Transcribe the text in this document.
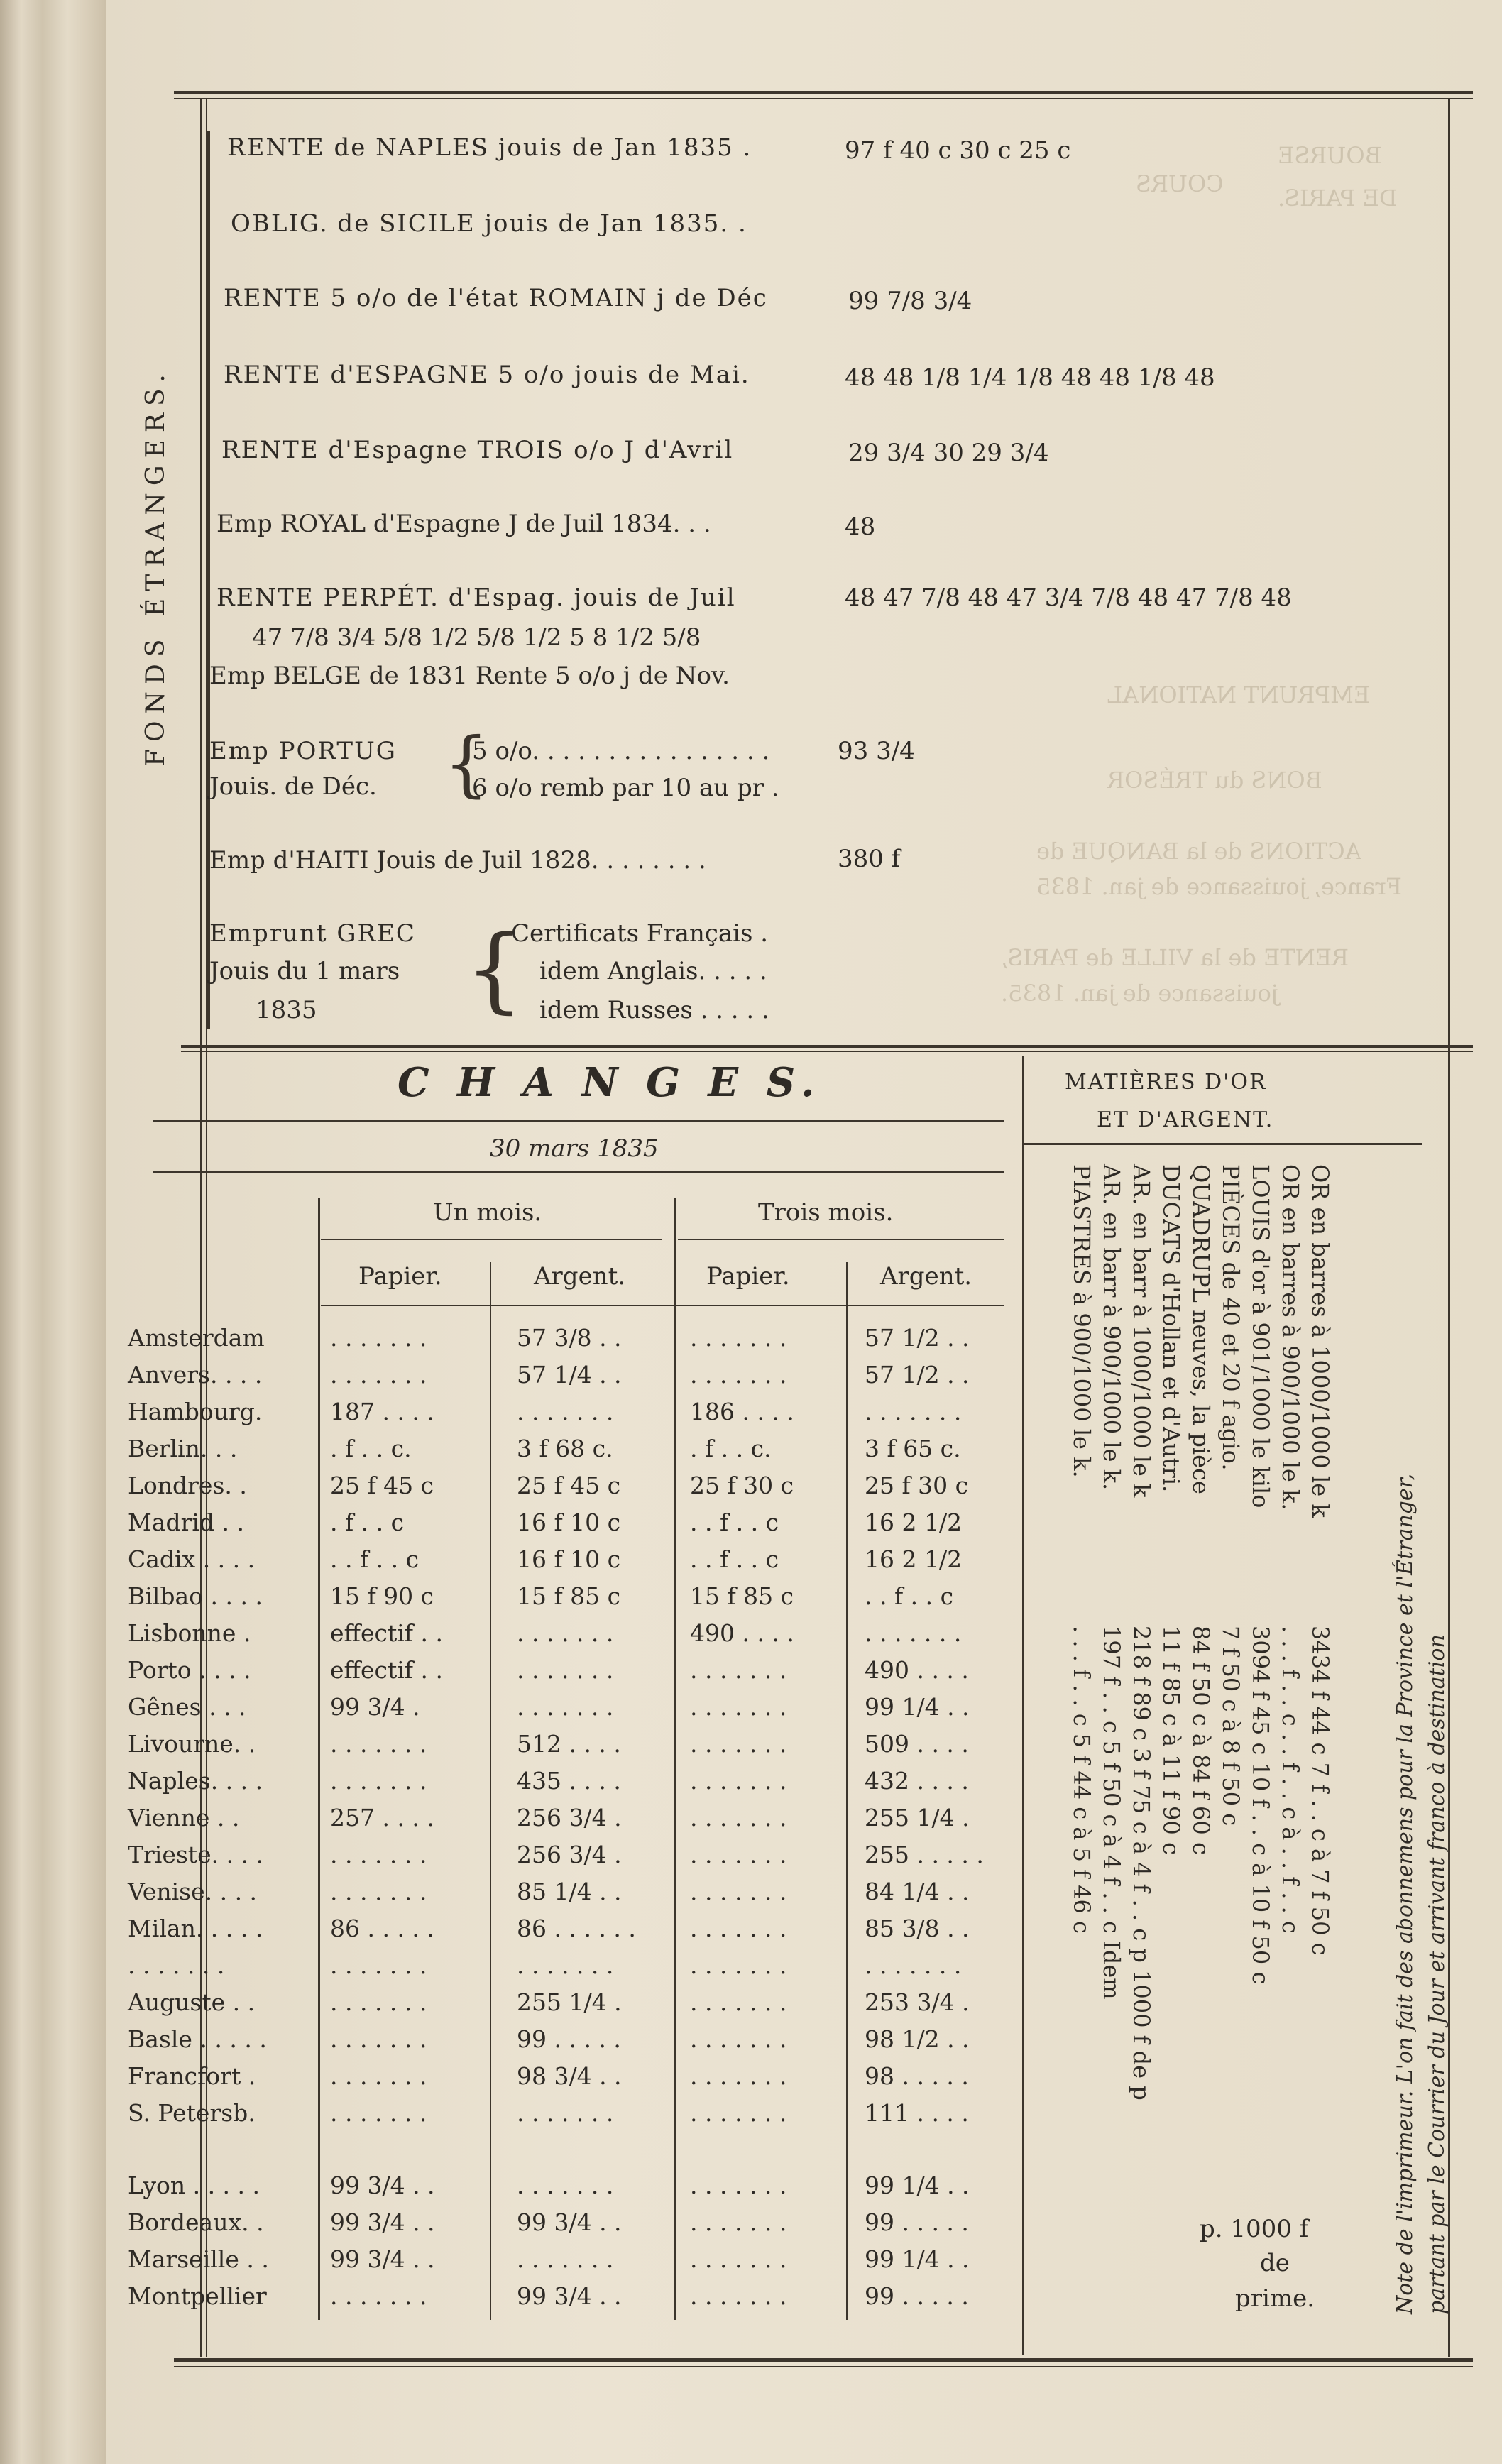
BOURSE
COURS
DE PARIS.
EMPRUNT NATIONAL
BONS du TRÉSOR
ACTIONS de la BANQUE de
France, jouissance de jan. 1835
RENTE de la VILLE de PARIS,
jouissance de jan. 1835.
FONDS ÉTRANGERS.
RENTE de NAPLES jouis de Jan 1835 .	97 f 40 c 30 c 25 c
OBLIG. de SICILE jouis de Jan 1835. .
RENTE 5 o/o de l'état ROMAIN j de Déc	99 7/8 3/4
RENTE d'ESPAGNE 5 o/o jouis de Mai.	48 48 1/8 1/4 1/8 48 48 1/8 48
RENTE d'Espagne TROIS o/o J d'Avril	29 3/4 30 29 3/4
Emp ROYAL d'Espagne J de Juil 1834. . .	48
RENTE PERPÉT. d'Espag. jouis de Juil	48 47 7/8 48 47 3/4 7/8 48 47 7/8 48
47 7/8 3/4 5/8 1/2 5/8 1/2 5 8 1/2 5/8
Emp BELGE de 1831 Rente 5 o/o j de Nov.
Emp PORTUG
Jouis. de Déc. {
5 o/o. . . . . . . . . . . . . . . .
6 o/o remb par 10 au pr .
93 3/4
Emp d'HAITI Jouis de Juil 1828. . . . . . . .	380 f
Emprunt GREC
Jouis du 1 mars
1835 {
Certificats Français .
idem Anglais. . . . .
idem Russes . . . . .
C H A N G E S.
30 mars 1835
Un mois.	Trois mois.
Papier.	Argent.	Papier.	Argent.
Amsterdam	. . . . . . .	57 3/8 . .	. . . . . . .	57 1/2 . .
Anvers. . . .	. . . . . . .	57 1/4 . .	. . . . . . .	57 1/2 . .
Hambourg.	187 . . . .	. . . . . . .	186 . . . .	. . . . . . .
Berlin. . .	. f . . c.	3 f 68 c.	. f . . c.	3 f 65 c.
Londres. .	25 f 45 c	25 f 45 c	25 f 30 c	25 f 30 c
Madrid . .	. f . . c	16 f 10 c	. . f . . c	16 2 1/2
Cadix . . . .	. . f . . c	16 f 10 c	. . f . . c	16 2 1/2
Bilbao . . . .	15 f 90 c	15 f 85 c	15 f 85 c	. . f . . c
Lisbonne .	effectif . .	. . . . . . .	490 . . . .	. . . . . . .
Porto . . . .	effectif . .	. . . . . . .	. . . . . . .	490 . . . .
Gênes . . .	99 3/4 .	. . . . . . .	. . . . . . .	99 1/4 . .
Livourne. .	. . . . . . .	512 . . . .	. . . . . . .	509 . . . .
Naples. . . .	. . . . . . .	435 . . . .	. . . . . . .	432 . . . .
Vienne . .	257 . . . .	256 3/4 .	. . . . . . .	255 1/4 .
Trieste. . . .	. . . . . . .	256 3/4 .	. . . . . . .	255 . . . . .
Venise. . . .	. . . . . . .	85 1/4 . .	. . . . . . .	84 1/4 . .
Milan. . . . .	86 . . . . .	86 . . . . . . . . . . . . .	85 3/8 . .
. . . . . . .	. . . . . . .	. . . . . . .	. . . . . . .	. . . . . . .
Auguste . .	. . . . . . .	255 1/4 .	. . . . . . .	253 3/4 .
Basle . . . . .	. . . . . . .	99 . . . . .	. . . . . . .	98 1/2 . .
Francfort .	. . . . . . .	98 3/4 . .	. . . . . . .	98 . . . . .
S. Petersb.	. . . . . . .	. . . . . . .	. . . . . . .	111 . . . .
Lyon . . . . .	99 3/4 . .	. . . . . . .	. . . . . . .	99 1/4 . .
Bordeaux. .	99 3/4 . .	99 3/4 . .	. . . . . . .	99 . . . . .
Marseille . .	99 3/4 . .	. . . . . . .	. . . . . . .	99 1/4 . .
Montpellier	. . . . . . .	99 3/4 . .	. . . . . . .	99 . . . . .
MATIÈRES D'OR
ET D'ARGENT.
OR en barres à 1000/1000 le k
3434 f 44 c 7 f . . c à 7 f 50 c
OR en barres à 900/1000 le k.
. . . f . . c . . f . . c à . . f . . c
LOUIS d'or à 901/1000 le kilo
3094 f 45 c 10 f . . c à 10 f 50 c
PIÈCES de 40 et 20 f agio.
7 f 50 c à 8 f 50 c
QUADRUPL neuves, la pièce
84 f 50 c à 84 f 60 c
DUCATS d'Hollan et d'Autri.
11 f 85 c à 11 f 90 c
AR. en barr à 1000/1000 le k
218 f 89 c 3 f 75 c à 4 f . . c p 1000 f de p
AR. en barr à 900/1000 le k.
197 f . . c 5 f 50 c à 4 f . . c Idem
PIASTRES à 900/1000 le k.
. . . f . . c 5 f 44 c à 5 f 46 c
p. 1000 f
de
prime.	Note de l'imprimeur. L'on fait des abonnemens pour la Province et l'Étranger, partant par le Courrier du Jour et arrivant franco à destination
